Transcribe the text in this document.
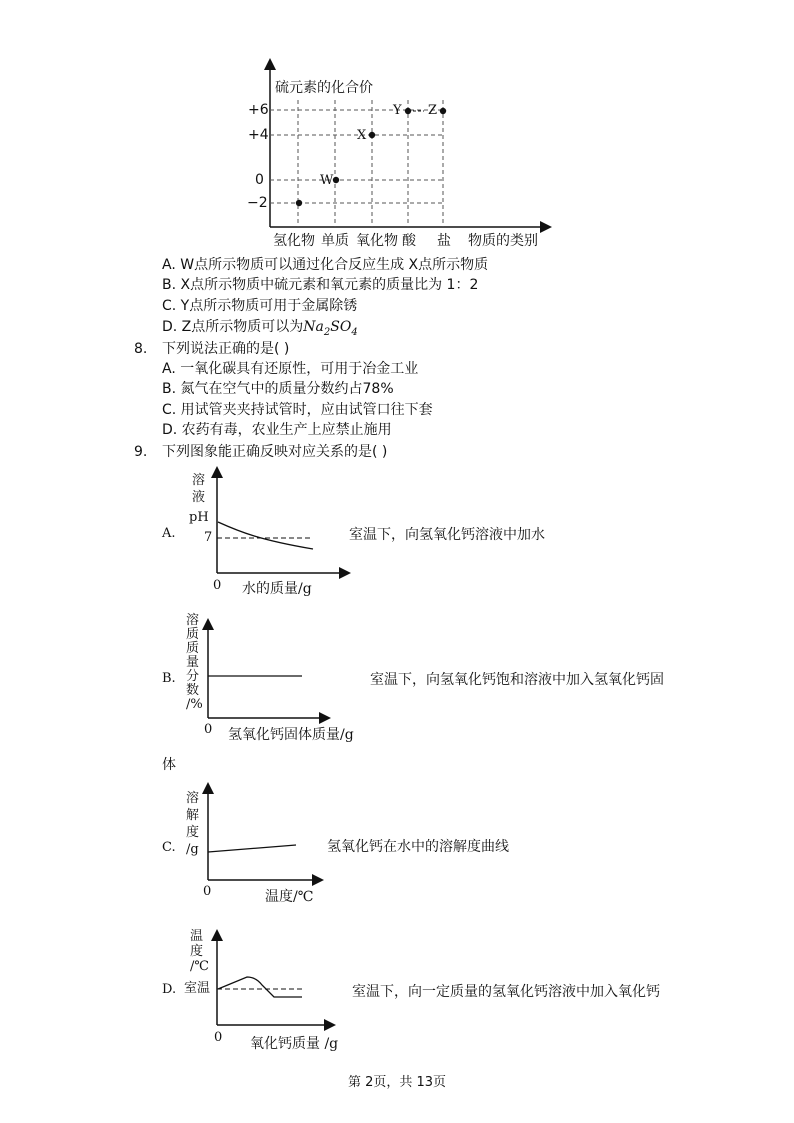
硫元素的化合价
+6
+4
0
−2
W
X
Y Z
氢化物 单质 氧化物 酸 盐 物质的类别
A. W点所示物质可以通过化合反应生成 X点所示物质
B. X点所示物质中硫元素和氧元素的质量比为 1：2
C. Y点所示物质可用于金属除锈
D. Z点所示物质可以为$Na_2SO_4$
8. 下列说法正确的是( )
A. 一氧化碳具有还原性，可用于冶金工业
B. 氮气在空气中的质量分数约占78%
C. 用试管夹夹持试管时，应由试管口往下套
D. 农药有毒，农业生产上应禁止施用
9. 下列图象能正确反映对应关系的是( )
溶
液
pH
7
A.
0 水的质量/g
室温下，向氢氧化钙溶液中加水
溶
质
质
量
分
数
/%
B.
0 氢氧化钙固体质量/g
室温下，向氢氧化钙饱和溶液中加入氢氧化钙固
体
溶
解
度
/g
C.
0	温度/℃
氢氧化钙在水中的溶解度曲线
温
度
/℃
D. 室温
0 氧化钙质量 /g
室温下，向一定质量的氢氧化钙溶液中加入氧化钙
第 2页，共 13页
